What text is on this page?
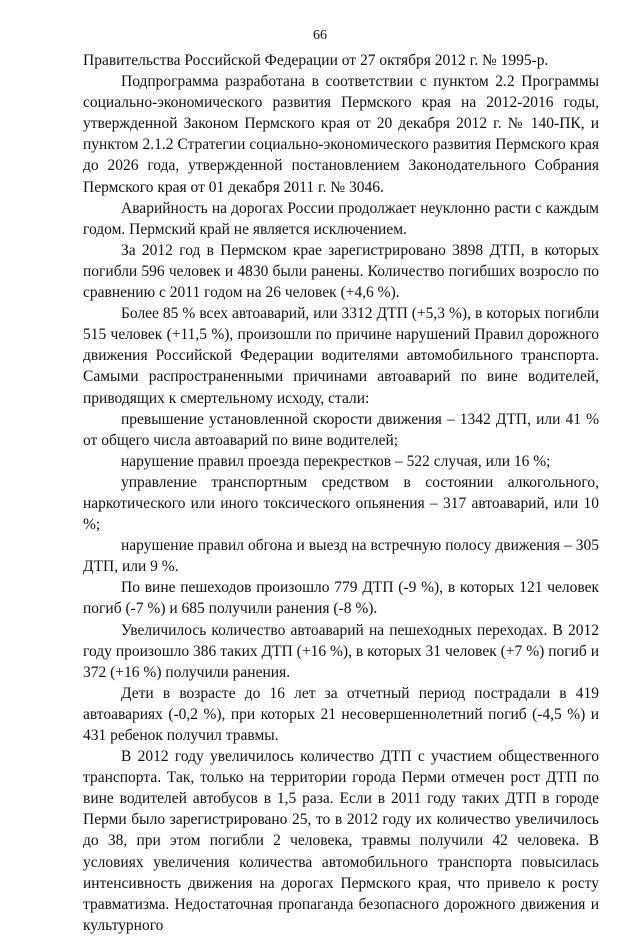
66

Правительства Российской Федерации от 27 октября 2012 г. № 1995-р.

Подпрограмма разработана в соответствии с пунктом 2.2 Программы социально-экономического развития Пермского края на 2012-2016 годы, утвержденной Законом Пермского края от 20 декабря 2012 г. № 140-ПК, и пунктом 2.1.2 Стратегии социально-экономического развития Пермского края до 2026 года, утвержденной постановлением Законодательного Собрания Пермского края от 01 декабря 2011 г. № 3046.

Аварийность на дорогах России продолжает неуклонно расти с каждым годом. Пермский край не является исключением.

За 2012 год в Пермском крае зарегистрировано 3898 ДТП, в которых погибли 596 человек и 4830 были ранены. Количество погибших возросло по сравнению с 2011 годом на 26 человек (+4,6 %).

Более 85 % всех автоаварий, или 3312 ДТП (+5,3 %), в которых погибли 515 человек (+11,5 %), произошли по причине нарушений Правил дорожного движения Российской Федерации водителями автомобильного транспорта. Самыми распространенными причинами автоаварий по вине водителей, приводящих к смертельному исходу, стали:

превышение установленной скорости движения – 1342 ДТП, или 41 % от общего числа автоаварий по вине водителей;

нарушение правил проезда перекрестков – 522 случая, или 16 %;

управление транспортным средством в состоянии алкогольного, наркотического или иного токсического опьянения – 317 автоаварий, или 10 %;

нарушение правил обгона и выезд на встречную полосу движения – 305 ДТП, или 9 %.

По вине пешеходов произошло 779 ДТП (-9 %), в которых 121 человек погиб (-7 %) и 685 получили ранения (-8 %).

Увеличилось количество автоаварий на пешеходных переходах. В 2012 году произошло 386 таких ДТП (+16 %), в которых 31 человек (+7 %) погиб и 372 (+16 %) получили ранения.

Дети в возрасте до 16 лет за отчетный период пострадали в 419 автоавариях (-0,2 %), при которых 21 несовершеннолетний погиб (-4,5 %) и 431 ребенок получил травмы.

В 2012 году увеличилось количество ДТП с участием общественного транспорта. Так, только на территории города Перми отмечен рост ДТП по вине водителей автобусов в 1,5 раза. Если в 2011 году таких ДТП в городе Перми было зарегистрировано 25, то в 2012 году их количество увеличилось до 38, при этом погибли 2 человека, травмы получили 42 человека. В условиях увеличения количества автомобильного транспорта повысилась интенсивность движения на дорогах Пермского края, что привело к росту травматизма. Недостаточная пропаганда безопасного дорожного движения и культурного
